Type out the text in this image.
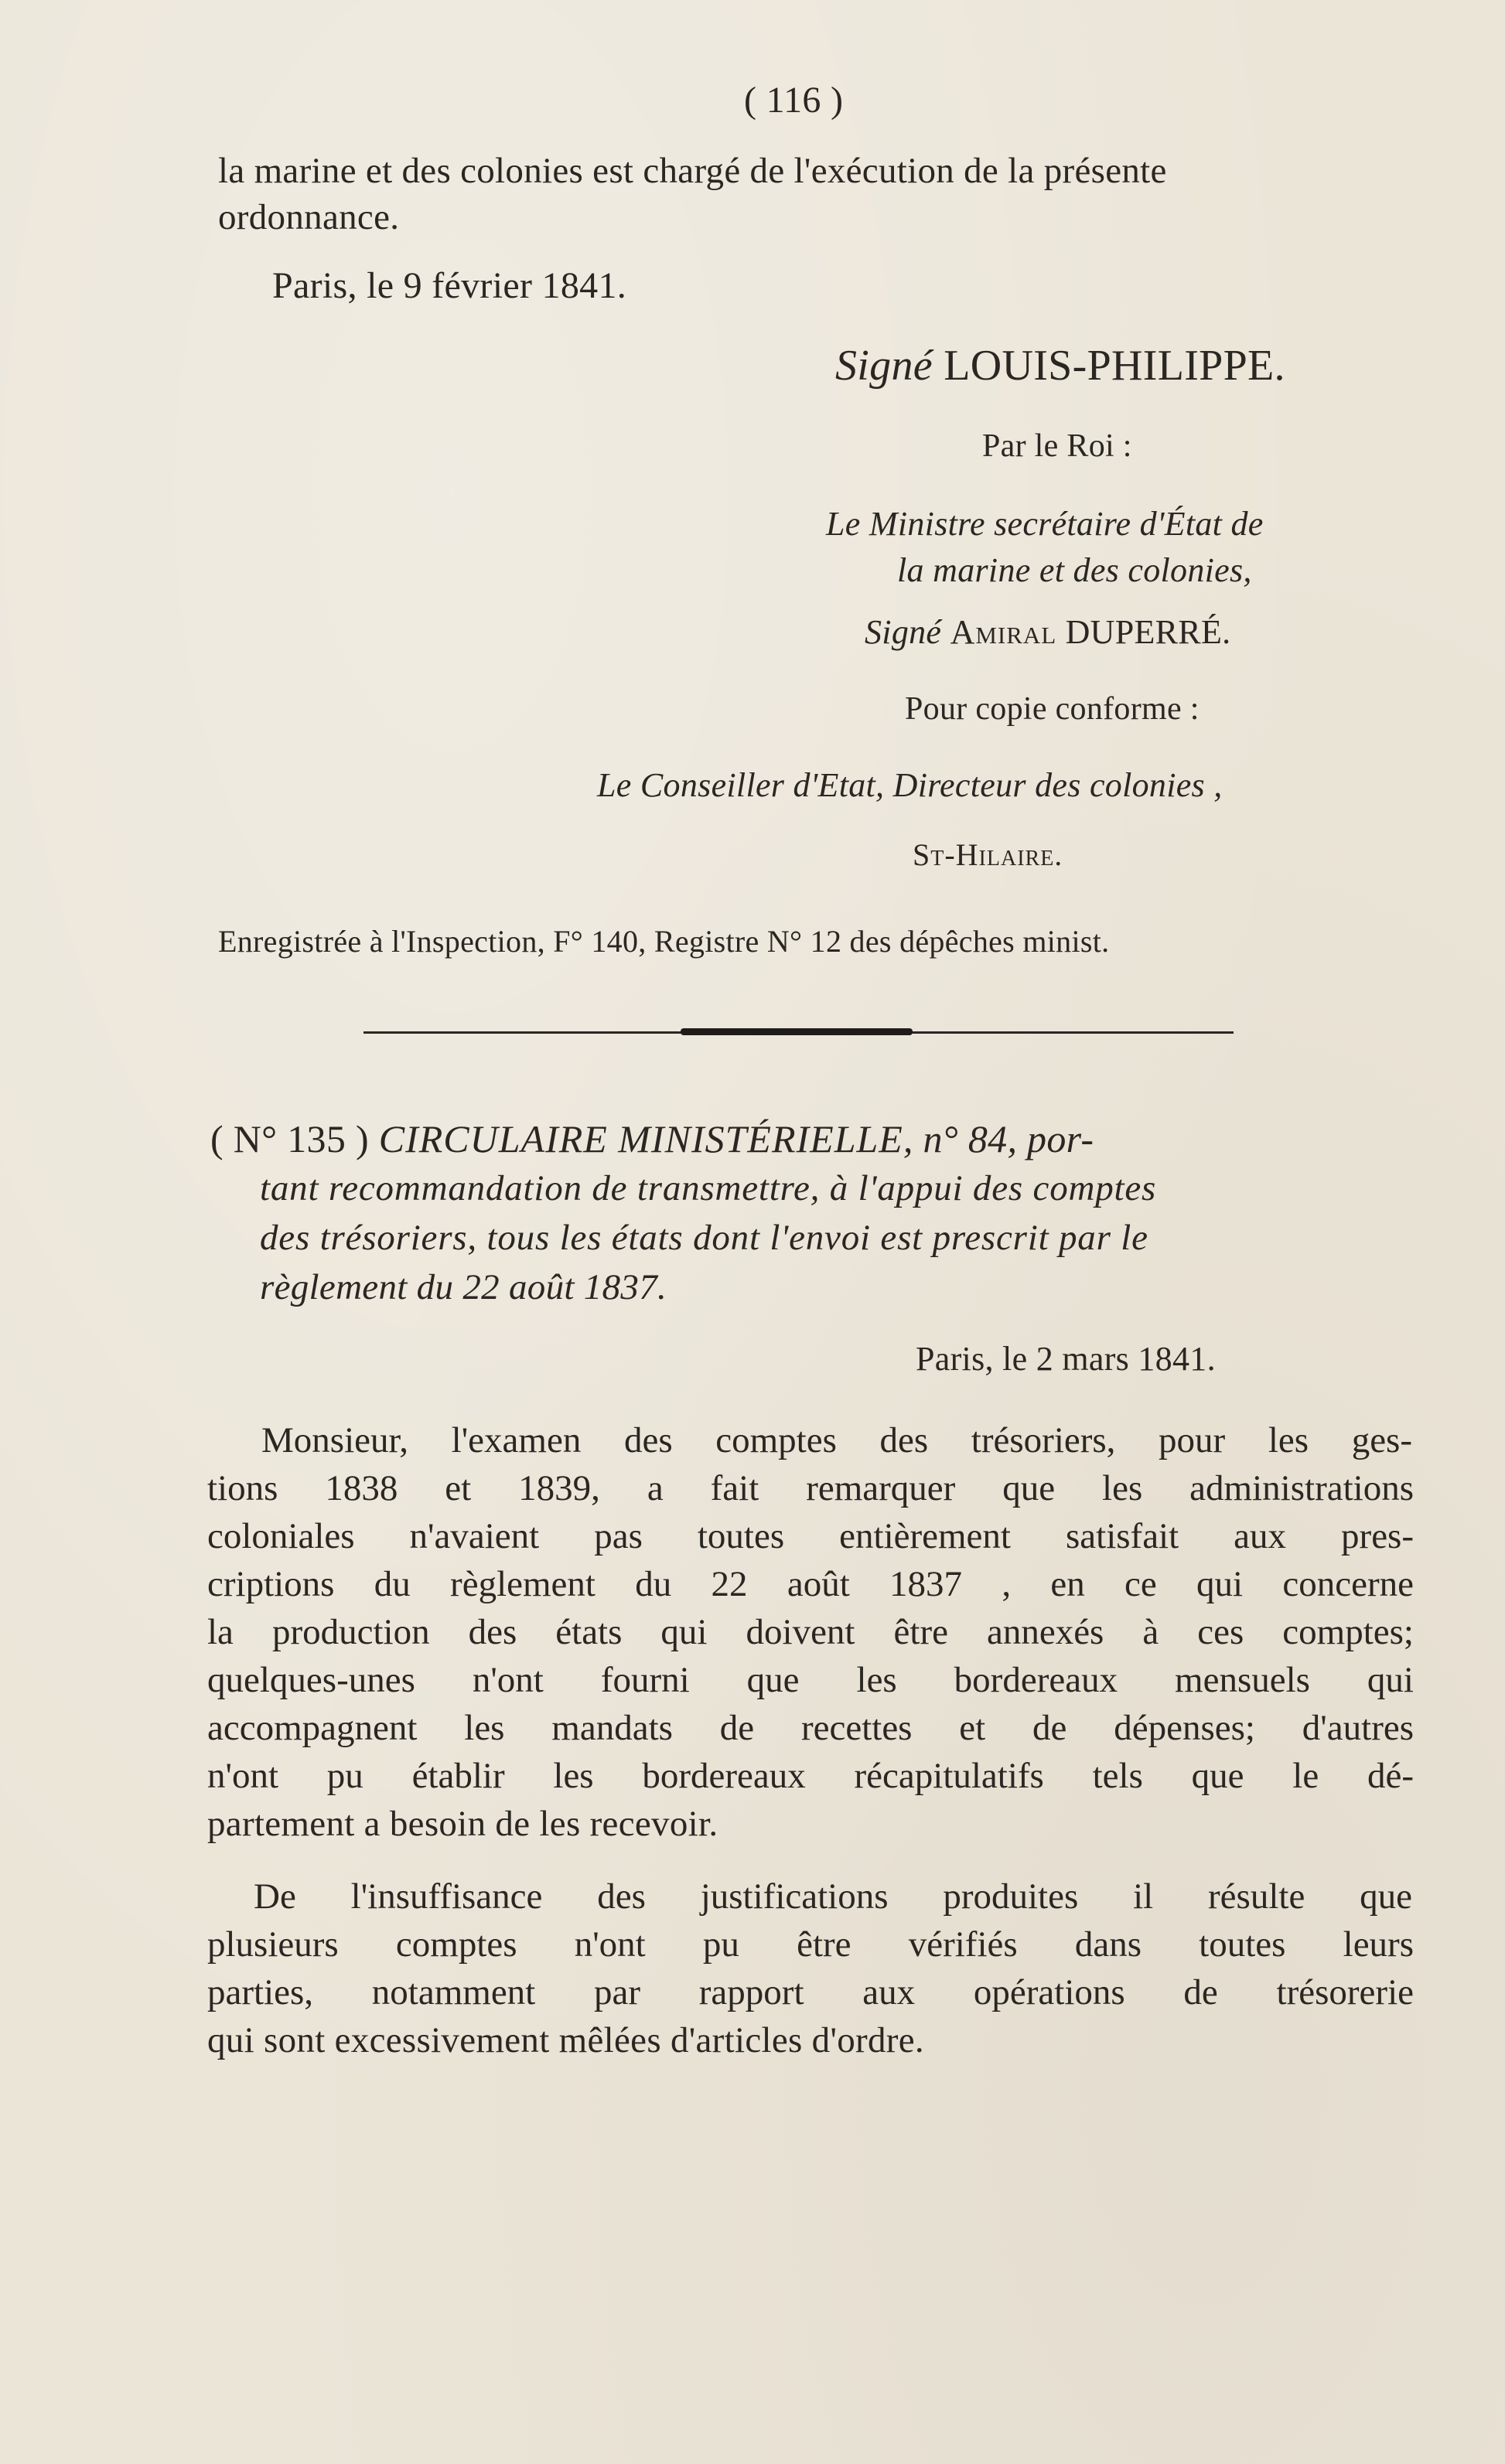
( 116 )
la marine et des colonies est chargé de l'exécution de la présente
ordonnance.
Paris, le 9 février 1841.
Signé LOUIS-PHILIPPE.
Par le Roi :
Le Ministre secrétaire d'État de
la marine et des colonies,
Signé Amiral DUPERRÉ.
Pour copie conforme :
Le Conseiller d'Etat, Directeur des colonies ,
St-Hilaire.
Enregistrée à l'Inspection, F° 140, Registre N° 12 des dépêches minist.
( N° 135 ) CIRCULAIRE MINISTÉRIELLE, n° 84, por-
tant recommandation de transmettre, à l'appui des comptes
des trésoriers, tous les états dont l'envoi est prescrit par le
règlement du 22 août 1837.
Paris, le 2 mars 1841.
Monsieur, l'examen des comptes des trésoriers, pour les ges-
tions 1838 et 1839, a fait remarquer que les administrations
coloniales n'avaient pas toutes entièrement satisfait aux pres-
criptions du règlement du 22 août 1837 , en ce qui concerne
la production des états qui doivent être annexés à ces comptes;
quelques-unes n'ont fourni que les bordereaux mensuels qui
accompagnent les mandats de recettes et de dépenses; d'autres
n'ont pu établir les bordereaux récapitulatifs tels que le dé-
partement a besoin de les recevoir.
De l'insuffisance des justifications produites il résulte que
plusieurs comptes n'ont pu être vérifiés dans toutes leurs
parties, notamment par rapport aux opérations de trésorerie
qui sont excessivement mêlées d'articles d'ordre.
